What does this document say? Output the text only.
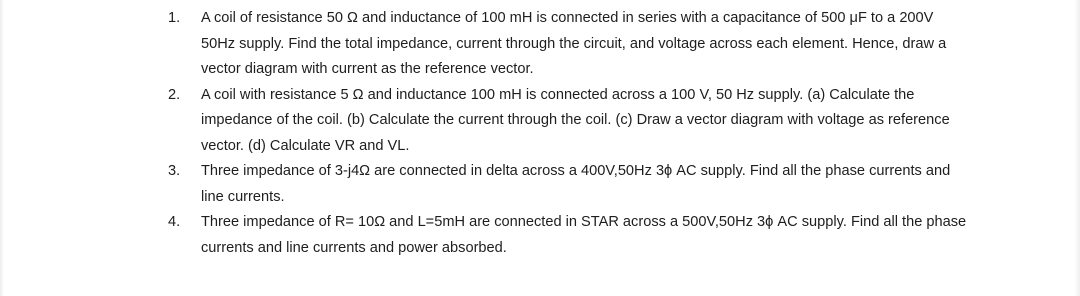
1.	A coil of resistance 50 Ω and inductance of 100 mH is connected in series with a capacitance of 500 μF to a 200V 50Hz supply. Find the total impedance, current through the circuit, and voltage across each element. Hence, draw a vector diagram with current as the reference vector.
2.	A coil with resistance 5 Ω and inductance 100 mH is connected across a 100 V, 50 Hz supply. (a) Calculate the impedance of the coil. (b) Calculate the current through the coil. (c) Draw a vector diagram with voltage as reference vector. (d) Calculate VR and VL.
3.	Three impedance of 3-j4Ω are connected in delta across a 400V,50Hz 3ϕ AC supply. Find all the phase currents and line currents.
4.	Three impedance of R= 10Ω and L=5mH are connected in STAR across a 500V,50Hz 3ϕ AC supply. Find all the phase currents and line currents and power absorbed.
